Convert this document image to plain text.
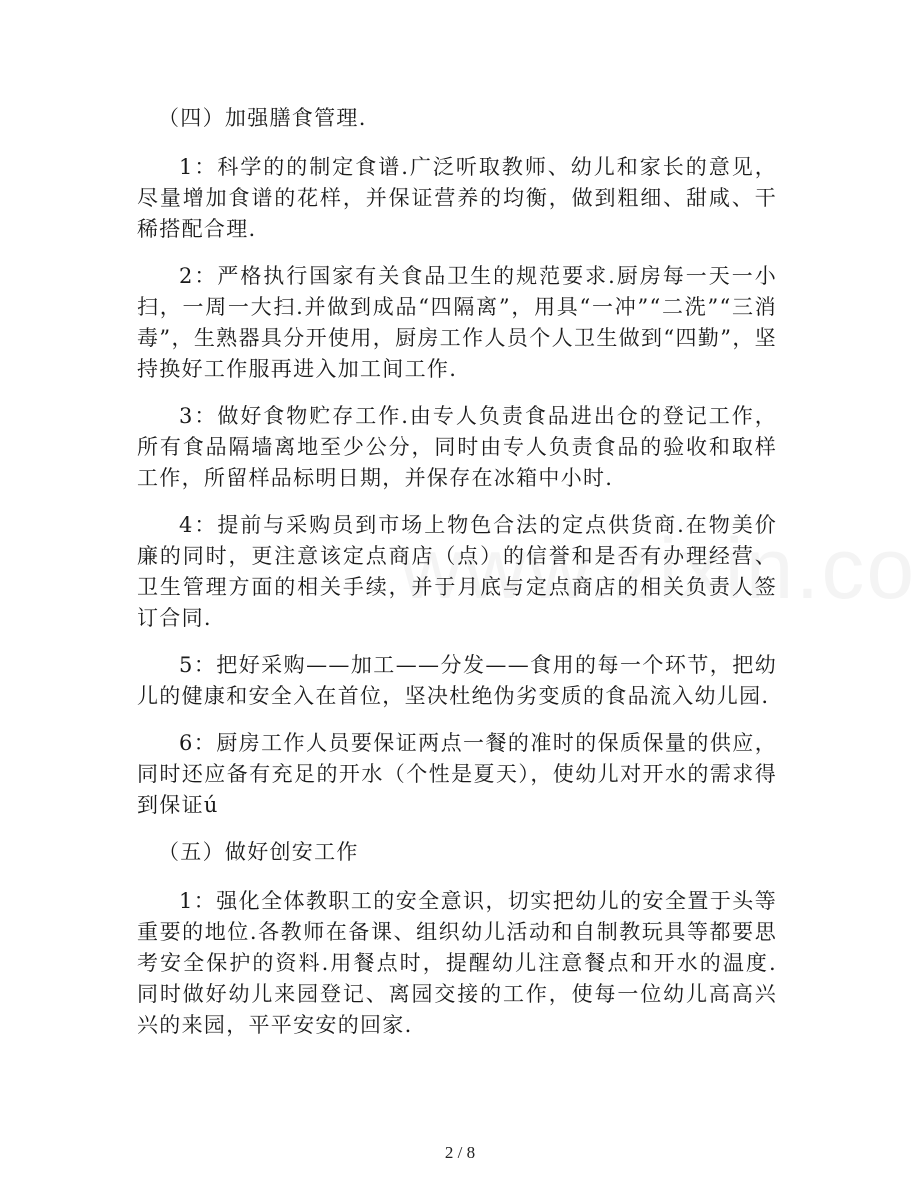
（四）加强膳食管理.

1：科学的的制定食谱.广泛听取教师、幼儿和家长的意见，尽量增加食谱的花样，并保证营养的均衡，做到粗细、甜咸、干稀搭配合理.

2：严格执行国家有关食品卫生的规范要求.厨房每一天一小扫，一周一大扫.并做到成品“四隔离”，用具“一冲”“二洗”“三消毒”，生熟器具分开使用，厨房工作人员个人卫生做到“四勤”，坚持换好工作服再进入加工间工作.

3：做好食物贮存工作.由专人负责食品进出仓的登记工作，所有食品隔墙离地至少公分，同时由专人负责食品的验收和取样工作，所留样品标明日期，并保存在冰箱中小时.

4：提前与采购员到市场上物色合法的定点供货商.在物美价廉的同时，更注意该定点商店（点）的信誉和是否有办理经营、卫生管理方面的相关手续，并于月底与定点商店的相关负责人签订合同.

5：把好采购——加工——分发——食用的每一个环节，把幼儿的健康和安全入在首位，坚决杜绝伪劣变质的食品流入幼儿园.

6：厨房工作人员要保证两点一餐的准时的保质保量的供应，同时还应备有充足的开水（个性是夏天），使幼儿对开水的需求得到保证ú

（五）做好创安工作

1：强化全体教职工的安全意识，切实把幼儿的安全置于头等重要的地位.各教师在备课、组织幼儿活动和自制教玩具等都要思考安全保护的资料.用餐点时，提醒幼儿注意餐点和开水的温度.同时做好幼儿来园登记、离园交接的工作，使每一位幼儿高高兴兴的来园，平平安安的回家.

2 / 8
